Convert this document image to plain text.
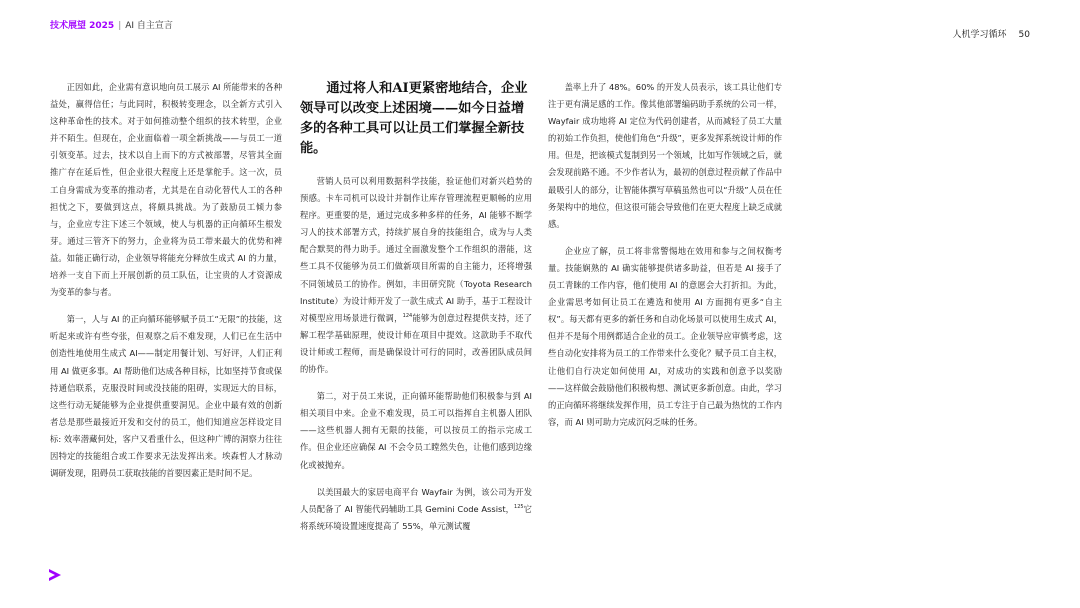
技术展望 2025 | AI 自主宣言
人机学习循环 50

正因如此，企业需有意识地向员工展示 AI 所能带来的各种益处，赢得信任；与此同时，积极转变理念，以全新方式引入这种革命性的技术。对于如何推动整个组织的技术转型，企业并不陌生。但现在，企业面临着一项全新挑战——与员工一道引领变革。过去，技术以自上而下的方式被部署，尽管其全面推广存在延后性，但企业很大程度上还是掌舵手。这一次，员工自身需成为变革的推动者，尤其是在自动化替代人工的各种担忧之下，要做到这点，将颇具挑战。为了鼓励员工倾力参与，企业应专注下述三个领域，使人与机器的正向循环生根发芽。通过三管齐下的努力，企业将为员工带来最大的优势和裨益。如能正确行动，企业领导将能充分释放生成式 AI 的力量，培养一支自下而上开展创新的员工队伍，让宝贵的人才资源成为变革的参与者。

第一，人与 AI 的正向循环能够赋予员工“无限”的技能，这听起来或许有些夸张，但观察之后不难发现，人们已在生活中创造性地使用生成式 AI——制定用餐计划、写好评，人们正利用 AI 做更多事。AI 帮助他们达成各种目标，比如坚持节食或保持通信联系，克服没时间或没技能的阻碍，实现远大的目标，这些行动无疑能够为企业提供重要洞见。企业中最有效的创新者总是那些最接近开发和交付的员工，他们知道应怎样设定目标: 效率潜藏何处，客户又看重什么，但这种广博的洞察力往往因特定的技能组合或工作要求无法发挥出来。埃森哲人才脉动调研发现，阻碍员工获取技能的首要因素正是时间不足。

通过将人和AI更紧密地结合，企业领导可以改变上述困境——如今日益增多的各种工具可以让员工们掌握全新技能。

营销人员可以利用数据科学技能，验证他们对新兴趋势的预感。卡车司机可以设计并制作让库存管理流程更顺畅的应用程序。更重要的是，通过完成多种多样的任务，AI 能够不断学习人的技术部署方式，持续扩展自身的技能组合，成为与人类配合默契的得力助手。通过全面激发整个工作组织的潜能，这些工具不仅能够为员工们做新项目所需的自主能力，还将增强不同领域员工的协作。例如，丰田研究院（Toyota Research Institute）为设计师开发了一款生成式 AI 助手，基于工程设计对模型应用场景进行微调，$^{124}$能够为创意过程提供支持，还了解工程学基础原理，使设计师在项目中提效。这款助手不取代设计师或工程师，而是确保设计可行的同时，改善团队成员间的协作。

第二，对于员工来说，正向循环能帮助他们积极参与到 AI 相关项目中来。企业不难发现，员工可以指挥自主机器人团队——这些机器人拥有无限的技能，可以按员工的指示完成工作。但企业还应确保 AI 不会令员工瞠然失色，让他们感到边缘化或被抛弃。

以美国最大的家居电商平台 Wayfair 为例，该公司为开发人员配备了 AI 智能代码辅助工具 Gemini Code Assist，$^{125}$它将系统环境设置速度提高了 55%，单元测试覆

盖率上升了 48%。60% 的开发人员表示，该工具让他们专注于更有满足感的工作。像其他部署编码助手系统的公司一样，Wayfair 成功地将 AI 定位为代码创建者，从而减轻了员工大量的初始工作负担，使他们角色“升级”，更多发挥系统设计师的作用。但是，把该模式复制到另一个领域，比如写作领域之后，就会发现前路不通。不少作者认为，最初的创意过程贡献了作品中最吸引人的部分，让智能体撰写草稿虽然也可以“升级”人员在任务架构中的地位，但这很可能会导致他们在更大程度上缺乏成就感。

企业应了解，员工将非常警惕地在效用和参与之间权衡考量。技能娴熟的 AI 确实能够提供诸多助益，但若是 AI 接手了员工青睐的工作内容，他们使用 AI 的意愿会大打折扣。为此，企业需思考如何让员工在遴选和使用 AI 方面拥有更多“自主权”。每天都有更多的新任务和自动化场景可以使用生成式 AI，但并不是每个用例都适合企业的员工。企业领导应审慎考虑，这些自动化安排将为员工的工作带来什么变化？赋予员工自主权，让他们自行决定如何使用 AI，对成功的实践和创意予以奖励——这样做会鼓励他们积极构想、测试更多新创意。由此，学习的正向循环将继续发挥作用，员工专注于自己最为热忱的工作内容，而 AI 则可助力完成沉闷乏味的任务。
